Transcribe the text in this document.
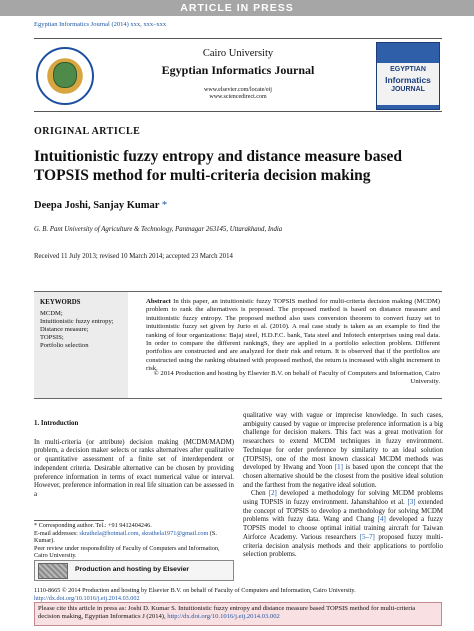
ARTICLE IN PRESS
Egyptian Informatics Journal (2014) xxx, xxx–xxx
Cairo University
Egyptian Informatics Journal
www.elsevier.com/locate/eij
www.sciencedirect.com
EGYPTIAN
Informatics
JOURNAL
ORIGINAL ARTICLE
Intuitionistic fuzzy entropy and distance measure based TOPSIS method for multi-criteria decision making
Deepa Joshi, Sanjay Kumar *
G. B. Pant University of Agriculture & Technology, Pantnagar 263145, Uttarakhand, India
Received 11 July 2013; revised 10 March 2014; accepted 23 March 2014
KEYWORDS
MCDM;
Intuitionistic fuzzy entropy;
Distance measure;
TOPSIS;
Portfolio selection
Abstract In this paper, an intuitionistic fuzzy TOPSIS method for multi-criteria decision making (MCDM) problem to rank the alternatives is proposed. The proposed method is based on distance measure and intuitionistic fuzzy entropy. The proposed method also uses conversion theorem to convert fuzzy set to intuitionistic fuzzy set given by Jurio et al. (2010). A real case study is taken as an example to find the ranking of four organizations: Bajaj steel, H.D.F.C. bank, Tata steel and Infotech enterprises using real data. In order to compare the different rankingS, they are applied in a portfolio selection problem. Different portfolios are constructed and are analyzed for their risk and return. It is observed that if the portfolios are constructed using the ranking obtained with proposed method, the return is increased with slight increment in risk.
© 2014 Production and hosting by Elsevier B.V. on behalf of Faculty of Computers and Information, Cairo University.
1. Introduction
In multi-criteria (or attribute) decision making (MCDM/MADM) problem, a decision maker selects or ranks alternatives after qualitative or quantitative assessment of a finite set of interdependent or independent criteria. Desirable alternative can be chosen by providing preference information in terms of exact numerical value or interval. However, preference information in real life situation can be assessed in a
qualitative way with vague or imprecise knowledge. In such cases, ambiguity caused by vague or imprecise preference information is a big challenge for decision makers. This fact was a great motivation for researchers to extend MCDM techniques in fuzzy environment. Technique for order preference by similarity to an ideal solution (TOPSIS), one of the most known classical MCDM methods was developed by Hwang and Yoon [1] is based upon the concept that the chosen alternative should be the closest from the positive ideal solution and the farthest from the negative ideal solution.
Chen [2] developed a methodology for solving MCDM problems using TOPSIS in fuzzy environment. Jahanshahloo et al. [3] extended the concept of TOPSIS to develop a methodology for solving MCDM problems with fuzzy data. Wang and Chang [4] developed a fuzzy TOPSIS model to choose optimal initial training aircraft for Taiwan Airforce Academy. Various researchers [5–7] proposed fuzzy multi-criteria decision analysis methods and their applications to portfolio selection problems.
* Corresponding author. Tel.: +91 9412404246.
E-mail addresses: skrathela@hotmail.com, skrathela1971@gmail.com (S. Kumar).
Peer review under responsibility of Faculty of Computers and Information, Cairo University.
Production and hosting by Elsevier
1110-8665 © 2014 Production and hosting by Elsevier B.V. on behalf of Faculty of Computers and Information, Cairo University.
http://dx.doi.org/10.1016/j.eij.2014.03.002
Please cite this article in press as: Joshi D. Kumar S. Intuitionistic fuzzy entropy and distance measure based TOPSIS method for multi-criteria decision making, Egyptian Informatics J (2014), http://dx.doi.org/10.1016/j.eij.2014.03.002
